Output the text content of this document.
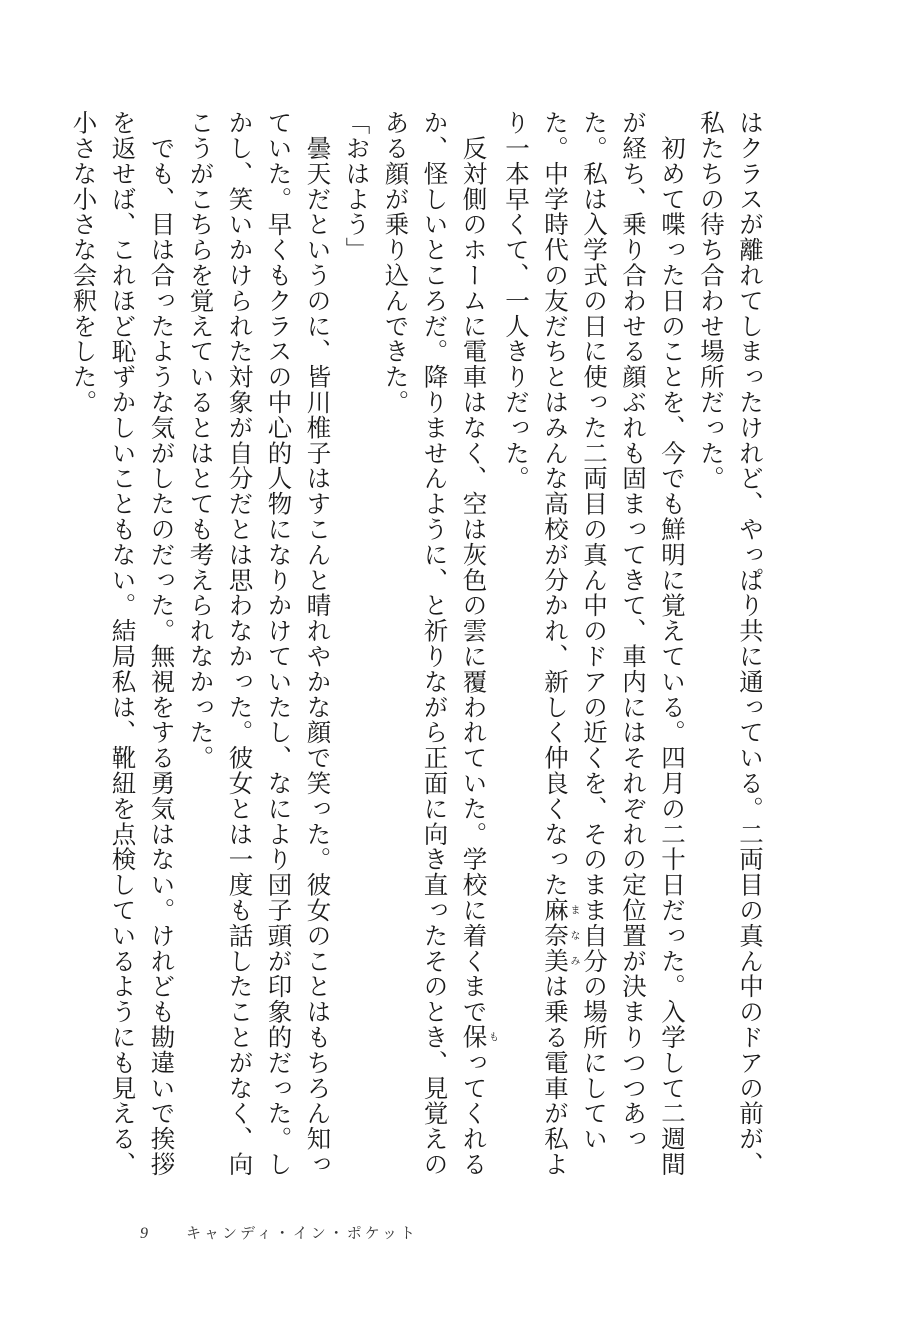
はクラスが離れてしまったけれど、やっぱり共に通っている。二両目の真ん中のドアの前が、私たちの待ち合わせ場所だった。

　初めて喋った日のことを、今でも鮮明に覚えている。四月の二十日だった。入学して二週間が経ち、乗り合わせる顔ぶれも固まってきて、車内にはそれぞれの定位置が決まりつつあった。私は入学式の日に使った二両目の真ん中のドアの近くを、そのまま自分の場所にしていた。中学時代の友だちとはみんな高校が分かれ、新しく仲良くなった麻奈美まなみは乗る電車が私より一本早くて、一人きりだった。

　反対側のホームに電車はなく、空は灰色の雲に覆われていた。学校に着くまで保もってくれるか、怪しいところだ。降りませんように、と祈りながら正面に向き直ったそのとき、見覚えのある顔が乗り込んできた。

「おはよう」

　曇天だというのに、皆川椎子はすこんと晴れやかな顔で笑った。彼女のことはもちろん知っていた。早くもクラスの中心的人物になりかけていたし、なにより団子頭が印象的だった。しかし、笑いかけられた対象が自分だとは思わなかった。彼女とは一度も話したことがなく、向こうがこちらを覚えているとはとても考えられなかった。

　でも、目は合ったような気がしたのだった。無視をする勇気はない。けれども勘違いで挨拶を返せば、これほど恥ずかしいこともない。結局私は、靴紐を点検しているようにも見える、小さな小さな会釈をした。

9	キャンディ・イン・ポケット
